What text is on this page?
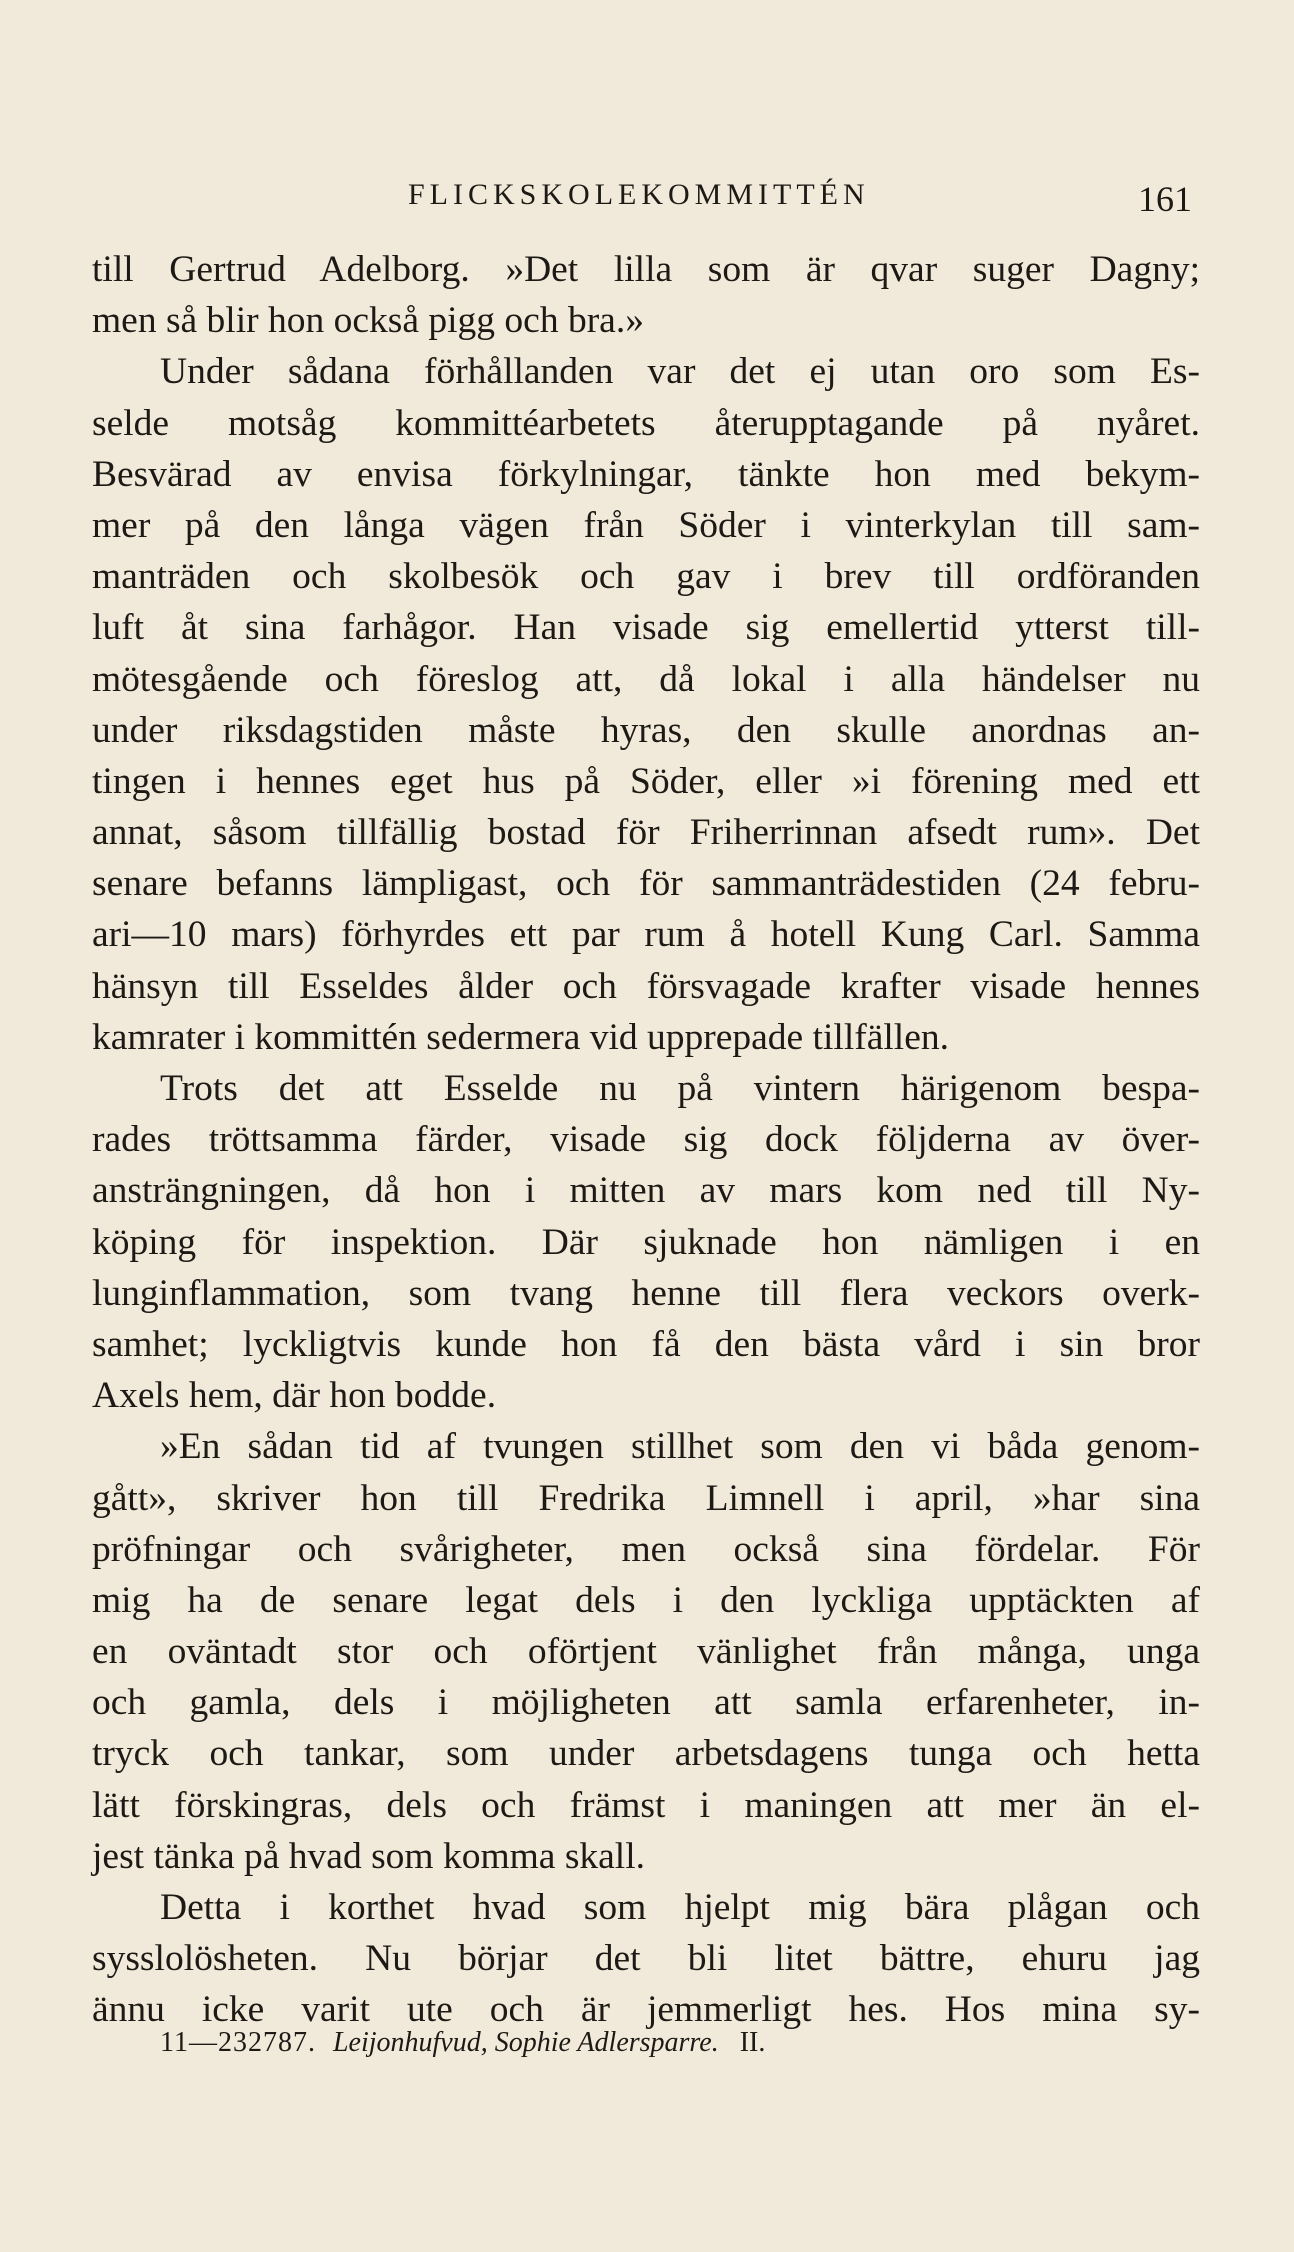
FLICKSKOLEKOMMITTÉN	161
till Gertrud Adelborg. »Det lilla som är qvar suger Dagny;
men så blir hon också pigg och bra.»
Under sådana förhållanden var det ej utan oro som Es-
selde motsåg kommittéarbetets återupptagande på nyåret.
Besvärad av envisa förkylningar, tänkte hon med bekym-
mer på den långa vägen från Söder i vinterkylan till sam-
manträden och skolbesök och gav i brev till ordföranden
luft åt sina farhågor. Han visade sig emellertid ytterst till-
mötesgående och föreslog att, då lokal i alla händelser nu
under riksdagstiden måste hyras, den skulle anordnas an-
tingen i hennes eget hus på Söder, eller »i förening med ett
annat, såsom tillfällig bostad för Friherrinnan afsedt rum». Det
senare befanns lämpligast, och för sammanträdestiden (24 febru-
ari—10 mars) förhyrdes ett par rum å hotell Kung Carl. Samma
hänsyn till Esseldes ålder och försvagade krafter visade hennes
kamrater i kommittén sedermera vid upprepade tillfällen.
Trots det att Esselde nu på vintern härigenom bespa-
rades tröttsamma färder, visade sig dock följderna av över-
ansträngningen, då hon i mitten av mars kom ned till Ny-
köping för inspektion. Där sjuknade hon nämligen i en
lunginflammation, som tvang henne till flera veckors overk-
samhet; lyckligtvis kunde hon få den bästa vård i sin bror
Axels hem, där hon bodde.
»En sådan tid af tvungen stillhet som den vi båda genom-
gått», skriver hon till Fredrika Limnell i april, »har sina
pröfningar och svårigheter, men också sina fördelar. För
mig ha de senare legat dels i den lyckliga upptäckten af
en oväntadt stor och oförtjent vänlighet från många, unga
och gamla, dels i möjligheten att samla erfarenheter, in-
tryck och tankar, som under arbetsdagens tunga och hetta
lätt förskingras, dels och främst i maningen att mer än el-
jest tänka på hvad som komma skall.
Detta i korthet hvad som hjelpt mig bära plågan och
sysslolösheten. Nu börjar det bli litet bättre, ehuru jag
ännu icke varit ute och är jemmerligt hes. Hos mina sy-
11—232787. Leijonhufvud, Sophie Adlersparre. II.
